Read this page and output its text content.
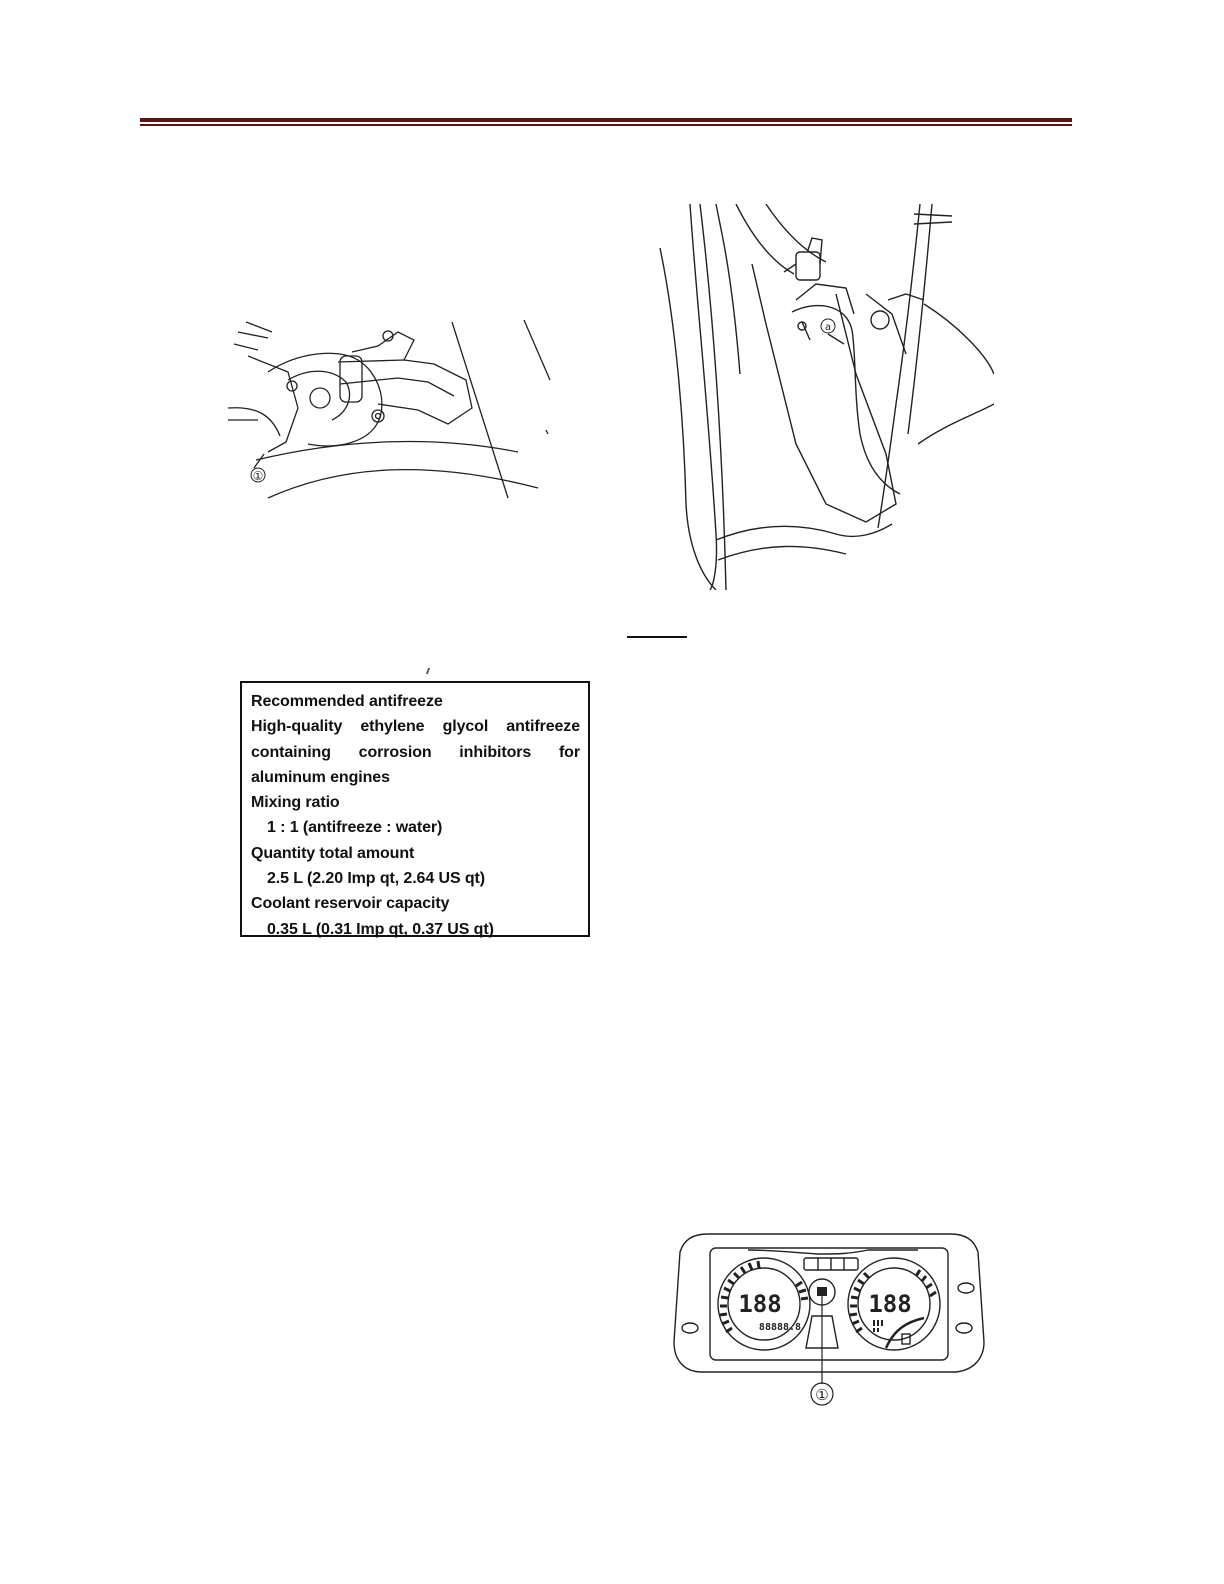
①
a
Recommended antifreeze
High-quality ethylene glycol antifreeze
containing corrosion inhibitors for
aluminum engines
Mixing ratio
1 : 1 (antifreeze : water)
Quantity total amount
2.5 L (2.20 Imp qt, 2.64 US qt)
Coolant reservoir capacity
0.35 L (0.31 Imp qt, 0.37 US qt)
188	188
88888.8
①
